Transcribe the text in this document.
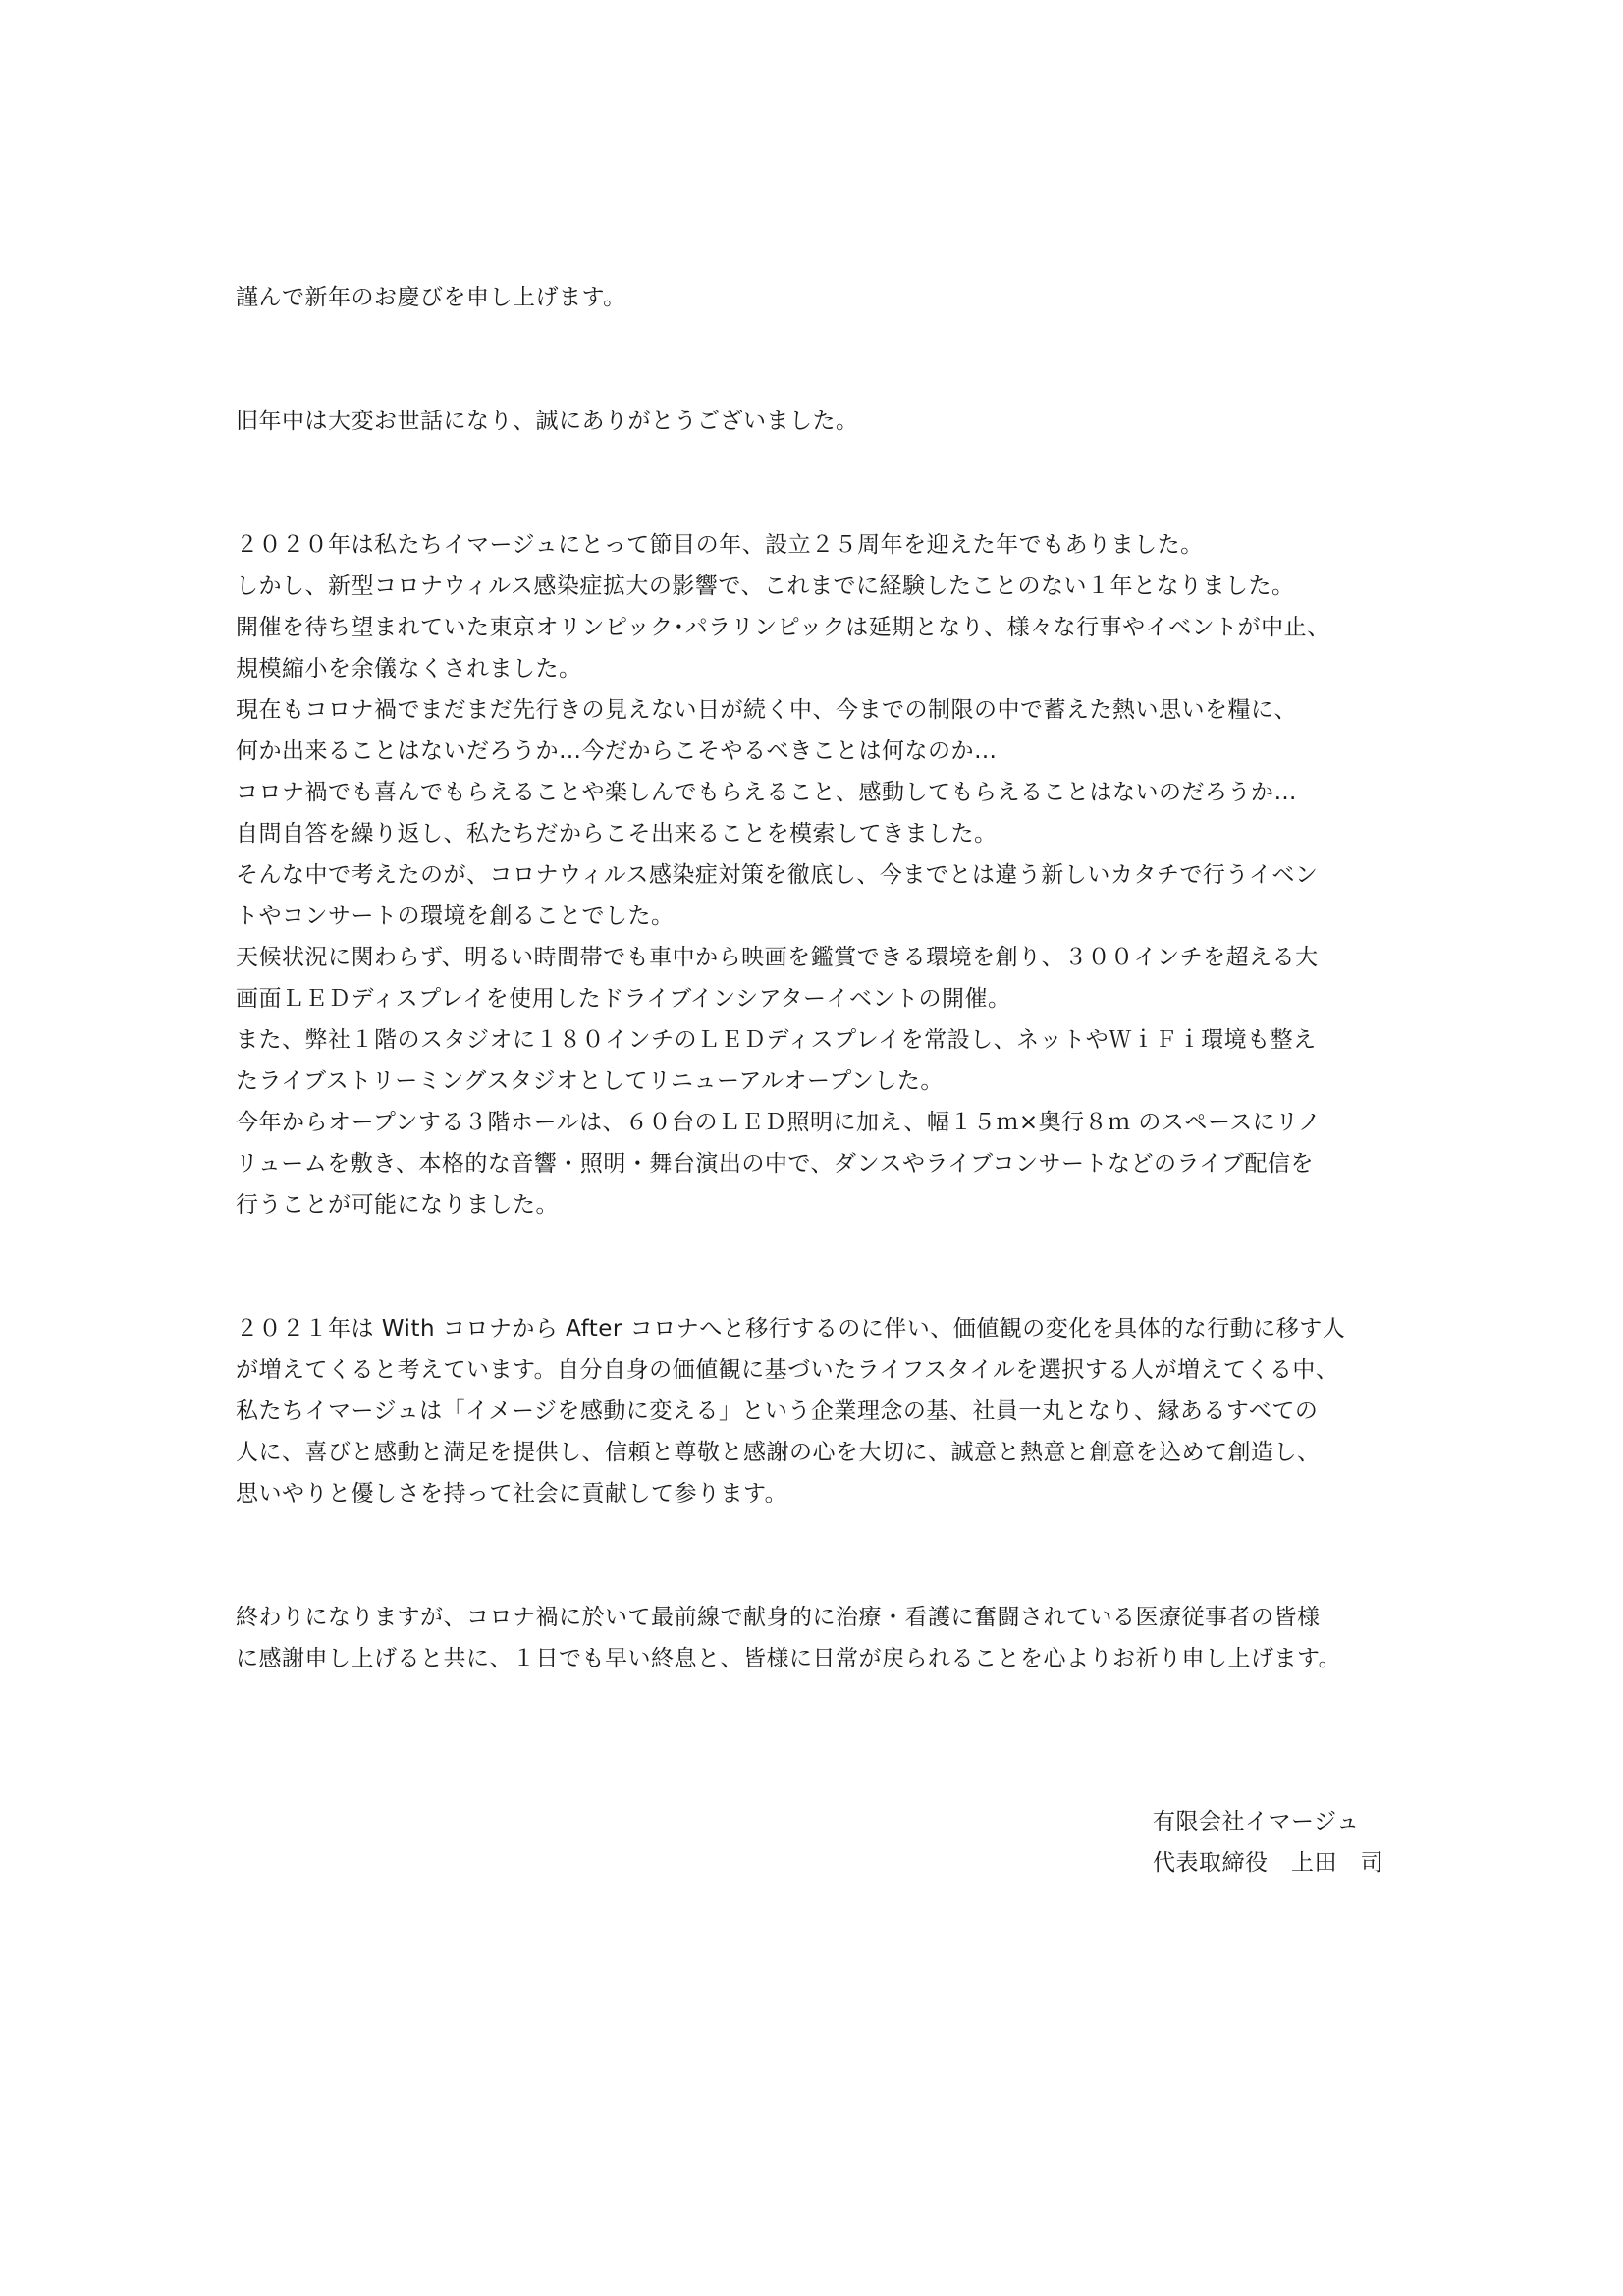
謹んで新年のお慶びを申し上げます。

旧年中は大変お世話になり、誠にありがとうございました。

２０２０年は私たちイマージュにとって節目の年、設立２５周年を迎えた年でもありました。
しかし、新型コロナウィルス感染症拡大の影響で、これまでに経験したことのない１年となりました。
開催を待ち望まれていた東京オリンピック･パラリンピックは延期となり、様々な行事やイベントが中止、
規模縮小を余儀なくされました。
現在もコロナ禍でまだまだ先行きの見えない日が続く中、今までの制限の中で蓄えた熱い思いを糧に、
何か出来ることはないだろうか…今だからこそやるべきことは何なのか…
コロナ禍でも喜んでもらえることや楽しんでもらえること、感動してもらえることはないのだろうか…
自問自答を繰り返し、私たちだからこそ出来ることを模索してきました。
そんな中で考えたのが、コロナウィルス感染症対策を徹底し、今までとは違う新しいカタチで行うイベン
トやコンサートの環境を創ることでした。
天候状況に関わらず、明るい時間帯でも車中から映画を鑑賞できる環境を創り、３００インチを超える大
画面ＬＥＤディスプレイを使用したドライブインシアターイベントの開催。
また、弊社１階のスタジオに１８０インチのＬＥＤディスプレイを常設し、ネットやＷｉＦｉ環境も整え
たライブストリーミングスタジオとしてリニューアルオープンした。
今年からオープンする３階ホールは、６０台のＬＥＤ照明に加え、幅１５ｍ×奥行８ｍ のスペースにリノ
リュームを敷き、本格的な音響・照明・舞台演出の中で、ダンスやライブコンサートなどのライブ配信を
行うことが可能になりました。

２０２１年は With コロナから After コロナへと移行するのに伴い、価値観の変化を具体的な行動に移す人
が増えてくると考えています。自分自身の価値観に基づいたライフスタイルを選択する人が増えてくる中、
私たちイマージュは「イメージを感動に変える」という企業理念の基、社員一丸となり、縁あるすべての
人に、喜びと感動と満足を提供し、信頼と尊敬と感謝の心を大切に、誠意と熱意と創意を込めて創造し、
思いやりと優しさを持って社会に貢献して参ります。

終わりになりますが、コロナ禍に於いて最前線で献身的に治療・看護に奮闘されている医療従事者の皆様
に感謝申し上げると共に、１日でも早い終息と、皆様に日常が戻られることを心よりお祈り申し上げます。

有限会社イマージュ
代表取締役　上田　司
